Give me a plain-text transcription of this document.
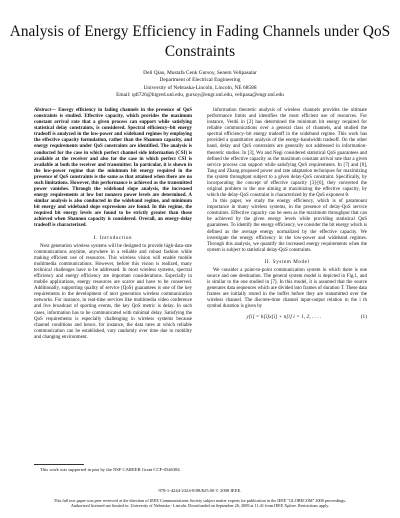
Analysis of Energy Efficiency in Fading Channels under QoS Constraints
Deli Qiao, Mustafa Cenk Gursoy, Senem Velipasalar
Department of Electrical Engineering
University of Nebraska-Lincoln, Lincoln, NE 68588
Email: qdl726@bigred.unl.edu, gursoy@engr.unl.edu, velipasa@engr.unl.edu
Abstract— Energy efficiency in fading channels in the presence of QoS constraints is studied. Effective capacity, which provides the maximum constant arrival rate that a given process can support while satisfying statistical delay constraints, is considered. Spectral efficiency–bit energy tradeoff is analyzed in the low-power and wideband regimes by employing the effective capacity formulation, rather than the Shannon capacity, and energy requirements under QoS constraints are identified. The analysis is conducted for the case in which perfect channel side information (CSI) is available at the receiver and also for the case in which perfect CSI is available at both the receiver and transmitter. In particular, it is shown in the low-power regime that the minimum bit energy required in the presence of QoS constraints is the same as that attained when there are no such limitations. However, this performance is achieved as the transmitted power vanishes. Through the wideband slope analysis, the increased energy requirements at low but nonzero power levels are determined. A similar analysis is also conducted in the wideband regime, and minimum bit energy and wideband slope expressions are found. In this regime, the required bit energy levels are found to be strictly greater than those achieved when Shannon capacity is considered. Overall, an energy-delay tradeoff is characterized.
I. Introduction

Next generation wireless systems will be designed to provide high-data-rate communications anytime, anywhere in a reliable and robust fashion while making efficient use of resources. This wireless vision will enable mobile multimedia communications. However, before this vision is realized, many technical challenges have to be addressed. In most wireless systems, spectral efficiency and energy efficiency are important considerations. Especially in mobile applications, energy resources are scarce and have to be conserved. Additionally, supporting quality of service (QoS) guarantees is one of the key requirements in the development of next generation wireless communication networks. For instance, in real-time services like multimedia video conference and live broadcast of sporting events, the key QoS metric is delay. In such cases, information has to be communicated with minimal delay. Satisfying the QoS requirements is especially challenging in wireless systems because channel conditions and hence, for instance, the data rates at which reliable communication can be established, vary randomly over time due to mobility and changing environment.

Information theoretic analysis of wireless channels provides the ultimate performance limits and identifies the most efficient use of resources. For instance, Verdú in [2] has determined the minimum bit energy required for reliable communications over a general class of channels, and studied the spectral efficiency–bit energy tradeoff in the wideband regime. This work has provided a quantitative analysis of the energy-bandwidth tradeoff. On the other hand, delay and QoS constraints are generally not addressed in information-theoretic studies. In [3], Wu and Negi considered statistical QoS guarantees and defined the effective capacity as the maximum constant arrival rate that a given service process can support while satisfying QoS requirements. In [7] and [8], Tang and Zhang proposed power and rate adaptation techniques for maximizing the system throughput subject to a given delay-QoS constraint. Specifically, by incorporating the concept of effective capacity [3]-[6], they converted the original problem to the one aiming at maximizing the effective capacity, by which the delay-QoS constraint is characterized by the QoS exponent θ.

In this paper, we study the energy efficiency, which is of paramount importance in many wireless systems, in the presence of delay-QoS service constraints. Effective capacity can be seen as the maximum throughput that can be achieved by the given energy levels while providing statistical QoS guarantees. To identify the energy efficiency, we consider the bit energy which is defined as the average energy normalized by the effective capacity. We investigate the energy efficiency in the low-power and wideband regimes. Through this analysis, we quantify the increased energy requirements when the system is subject to statistical delay-QoS constraints.

II. System Model

We consider a point-to-point communication system in which there is one source and one destination. The general system model is depicted in Fig.1, and is similar to the one studied in [7]. In this model, it is assumed that the source generates data sequences which are divided into frames of duration T. These data frames are initially stored in the buffer before they are transmitted over the wireless channel. The discrete-time channel input-output relation in the i th symbol duration is given by

y[i] = h[i]x[i] + n[i] i = 1, 2, . . . .	(1)

This work was supported in part by the NSF CAREER Grant CCF-0546384

978-1-4244-2324-8/08/$25.00 © 2008 IEEE.
This full text paper was peer reviewed at the direction of IEEE Communications Society subject matter experts for publication in the IEEE "GLOBECOM" 2008 proceedings.
Authorized licensed use limited to: University of Nebraska - Lincoln. Downloaded on September 26, 2009 at 11:41 from IEEE Xplore. Restrictions apply.
